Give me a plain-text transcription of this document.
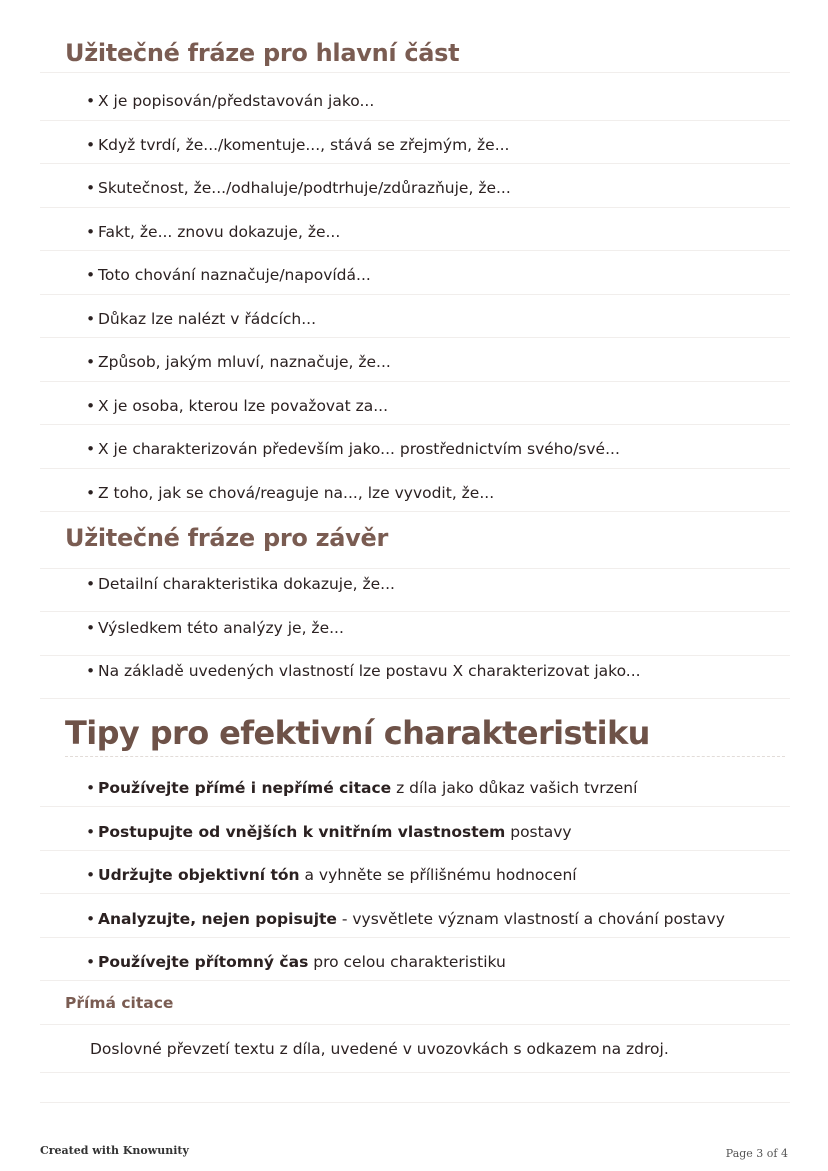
Užitečné fráze pro hlavní část
• X je popisován/představován jako...
• Když tvrdí, že.../komentuje..., stává se zřejmým, že...
• Skutečnost, že.../odhaluje/podtrhuje/zdůrazňuje, že...
• Fakt, že... znovu dokazuje, že...
• Toto chování naznačuje/napovídá...
• Důkaz lze nalézt v řádcích...
• Způsob, jakým mluví, naznačuje, že...
• X je osoba, kterou lze považovat za...
• X je charakterizován především jako... prostřednictvím svého/své...
• Z toho, jak se chová/reaguje na..., lze vyvodit, že...
Užitečné fráze pro závěr
• Detailní charakteristika dokazuje, že...
• Výsledkem této analýzy je, že...
• Na základě uvedených vlastností lze postavu X charakterizovat jako...
Tipy pro efektivní charakteristiku
• Používejte přímé i nepřímé citace z díla jako důkaz vašich tvrzení
• Postupujte od vnějších k vnitřním vlastnostem postavy
• Udržujte objektivní tón a vyhněte se přílišnému hodnocení
• Analyzujte, nejen popisujte - vysvětlete význam vlastností a chování postavy
• Používejte přítomný čas pro celou charakteristiku
Přímá citace

Doslovné převzetí textu z díla, uvedené v uvozovkách s odkazem na zdroj.

Created with Knowunity	Page 3 of 4
